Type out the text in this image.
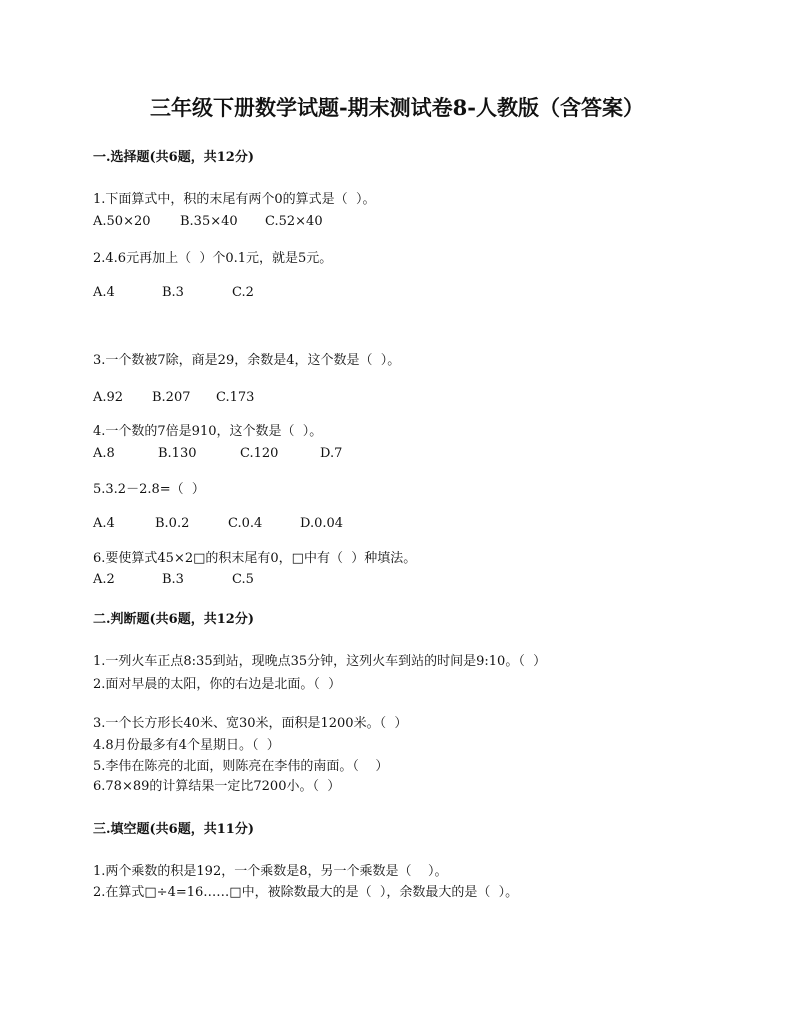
三年级下册数学试题-期末测试卷8-人教版（含答案）
一.选择题(共6题，共12分)
1.下面算式中，积的末尾有两个0的算式是（  ）。
A.50×20 B.35×40 C.52×40
2.4.6元再加上（  ）个0.1元，就是5元。
A.4	B.3	C.2
3.一个数被7除，商是29，余数是4，这个数是（  ）。
A.92 B.207 C.173
4.一个数的7倍是910，这个数是（  ）。
A.8	B.130	C.120	D.7
5.3.2－2.8=（  ）
A.4	B.0.2	C.0.4	D.0.04
6.要使算式45×2□的积末尾有0，□中有（  ）种填法。
A.2	B.3	C.5
二.判断题(共6题，共12分)
1.一列火车正点8:35到站，现晚点35分钟，这列火车到站的时间是9:10。（  ）
2.面对早晨的太阳，你的右边是北面。（  ）
3.一个长方形长40米、宽30米，面积是1200米。（  ）
4.8月份最多有4个星期日。（  ）
5.李伟在陈亮的北面，则陈亮在李伟的南面。（    ）
6.78×89的计算结果一定比7200小。（  ）
三.填空题(共6题，共11分)
1.两个乘数的积是192，一个乘数是8，另一个乘数是（    ）。
2.在算式□÷4=16……□中，被除数最大的是（  ），余数最大的是（  ）。
